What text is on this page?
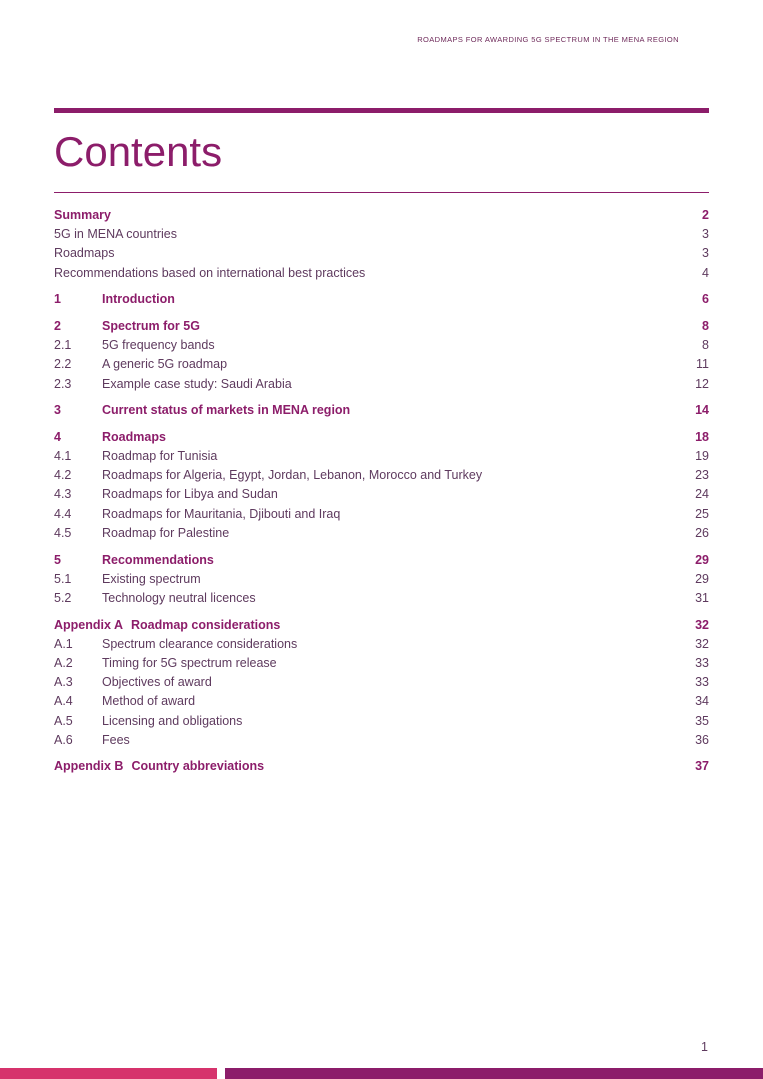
ROADMAPS FOR AWARDING 5G SPECTRUM IN THE MENA REGION
Contents
Summary	2
5G in MENA countries	3
Roadmaps	3
Recommendations based on international best practices	4
1	Introduction	6
2	Spectrum for 5G	8
2.1 5G frequency bands	8
2.2 A generic 5G roadmap	11
2.3 Example case study: Saudi Arabia	12
3	Current status of markets in MENA region	14
4	Roadmaps	18
4.1 Roadmap for Tunisia	19
4.2 Roadmaps for Algeria, Egypt, Jordan, Lebanon, Morocco and Turkey	23
4.3 Roadmaps for Libya and Sudan	24
4.4 Roadmaps for Mauritania, Djibouti and Iraq	25
4.5 Roadmap for Palestine	26
5	Recommendations	29
5.1 Existing spectrum	29
5.2 Technology neutral licences	31
Appendix A Roadmap considerations	32
A.1 Spectrum clearance considerations	32
A.2 Timing for 5G spectrum release	33
A.3 Objectives of award	33
A.4 Method of award	34
A.5 Licensing and obligations	35
A.6 Fees	36
Appendix B Country abbreviations	37
1
